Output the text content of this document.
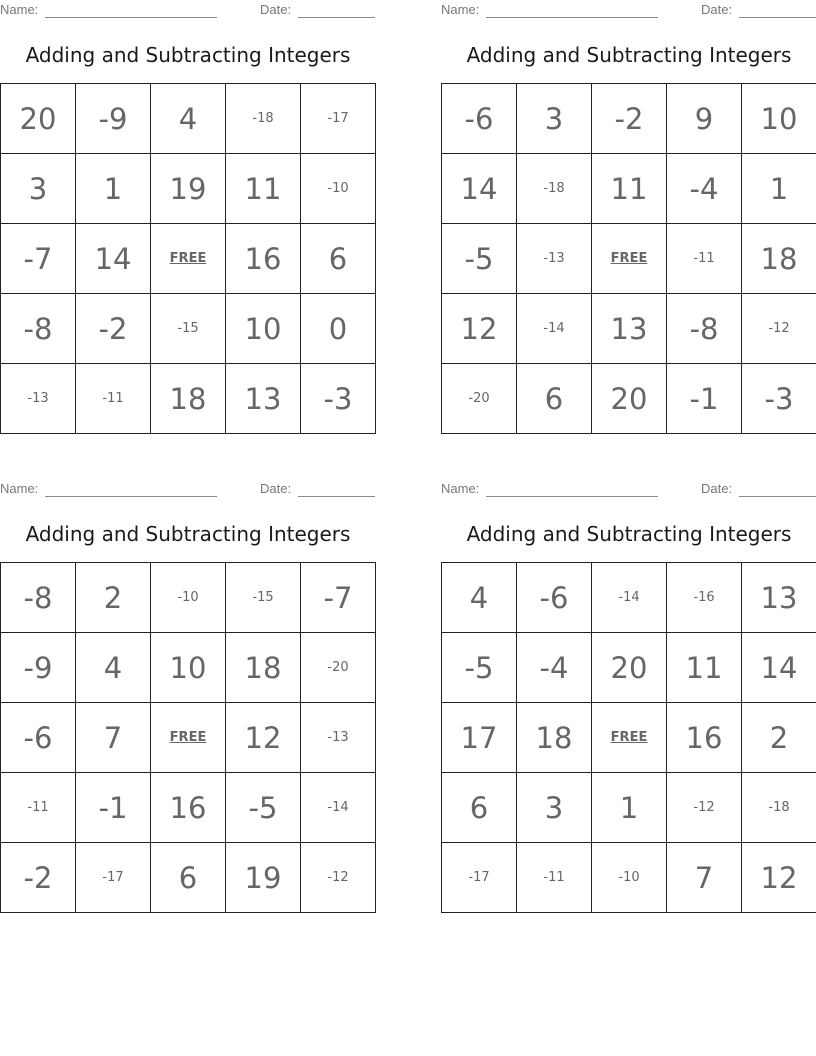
Name:	Date:
Adding and Subtracting Integers
20	-9	4	-18	-17
3	1	19	11	-10
-7	14	FREE	16	6
-8	-2	-15	10	0
-13	-11	18	13	-3
Name:	Date:
Adding and Subtracting Integers
-6	3	-2	9	10
14	-18	11	-4	1
-5	-13	FREE	-11	18
12	-14	13	-8	-12
-20	6	20	-1	-3
Name:	Date:
Adding and Subtracting Integers
-8	2	-10	-15	-7
-9	4	10	18	-20
-6	7	FREE	12	-13
-11	-1	16	-5	-14
-2	-17	6	19	-12
Name:	Date:
Adding and Subtracting Integers
4	-6	-14	-16	13
-5	-4	20	11	14
17	18	FREE	16	2
6	3	1	-12	-18
-17	-11	-10	7	12
